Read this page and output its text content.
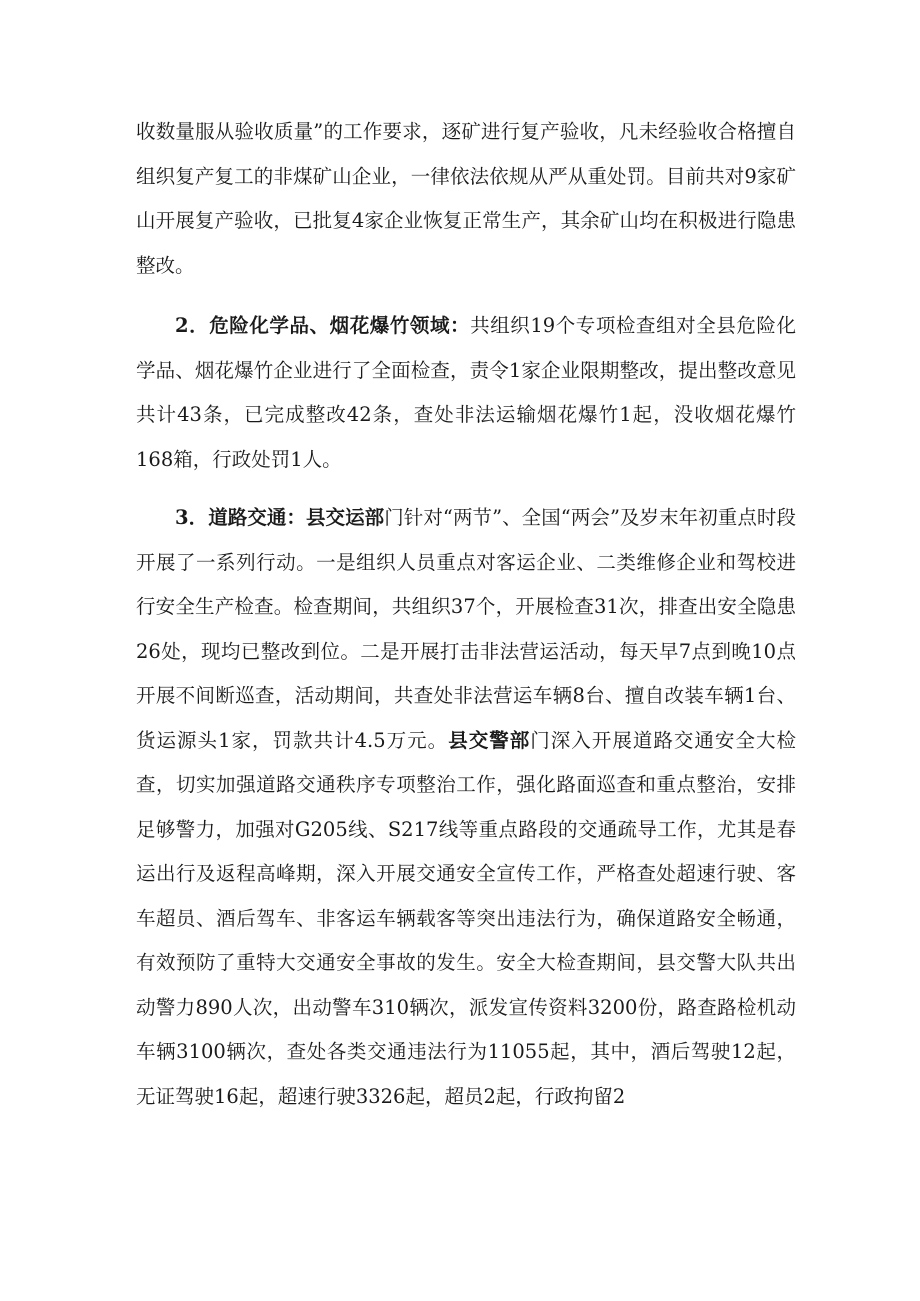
收数量服从验收质量”的工作要求，逐矿进行复产验收，凡未经验收合格擅自组织复产复工的非煤矿山企业，一律依法依规从严从重处罚。目前共对9家矿山开展复产验收，已批复4家企业恢复正常生产，其余矿山均在积极进行隐患整改。

2．危险化学品、烟花爆竹领域：共组织19个专项检查组对全县危险化学品、烟花爆竹企业进行了全面检查，责令1家企业限期整改，提出整改意见共计43条，已完成整改42条，查处非法运输烟花爆竹1起，没收烟花爆竹168箱，行政处罚1人。

3．道路交通：县交运部门针对“两节”、全国“两会”及岁末年初重点时段开展了一系列行动。一是组织人员重点对客运企业、二类维修企业和驾校进行安全生产检查。检查期间，共组织37个，开展检查31次，排查出安全隐患26处，现均已整改到位。二是开展打击非法营运活动，每天早7点到晚10点开展不间断巡查，活动期间，共查处非法营运车辆8台、擅自改装车辆1台、货运源头1家，罚款共计4.5万元。县交警部门深入开展道路交通安全大检查，切实加强道路交通秩序专项整治工作，强化路面巡查和重点整治，安排足够警力，加强对G205线、S217线等重点路段的交通疏导工作，尤其是春运出行及返程高峰期，深入开展交通安全宣传工作，严格查处超速行驶、客车超员、酒后驾车、非客运车辆载客等突出违法行为，确保道路安全畅通，有效预防了重特大交通安全事故的发生。安全大检查期间，县交警大队共出动警力890人次，出动警车310辆次，派发宣传资料3200份，路查路检机动车辆3100辆次，查处各类交通违法行为11055起，其中，酒后驾驶12起，无证驾驶16起，超速行驶3326起，超员2起，行政拘留2
